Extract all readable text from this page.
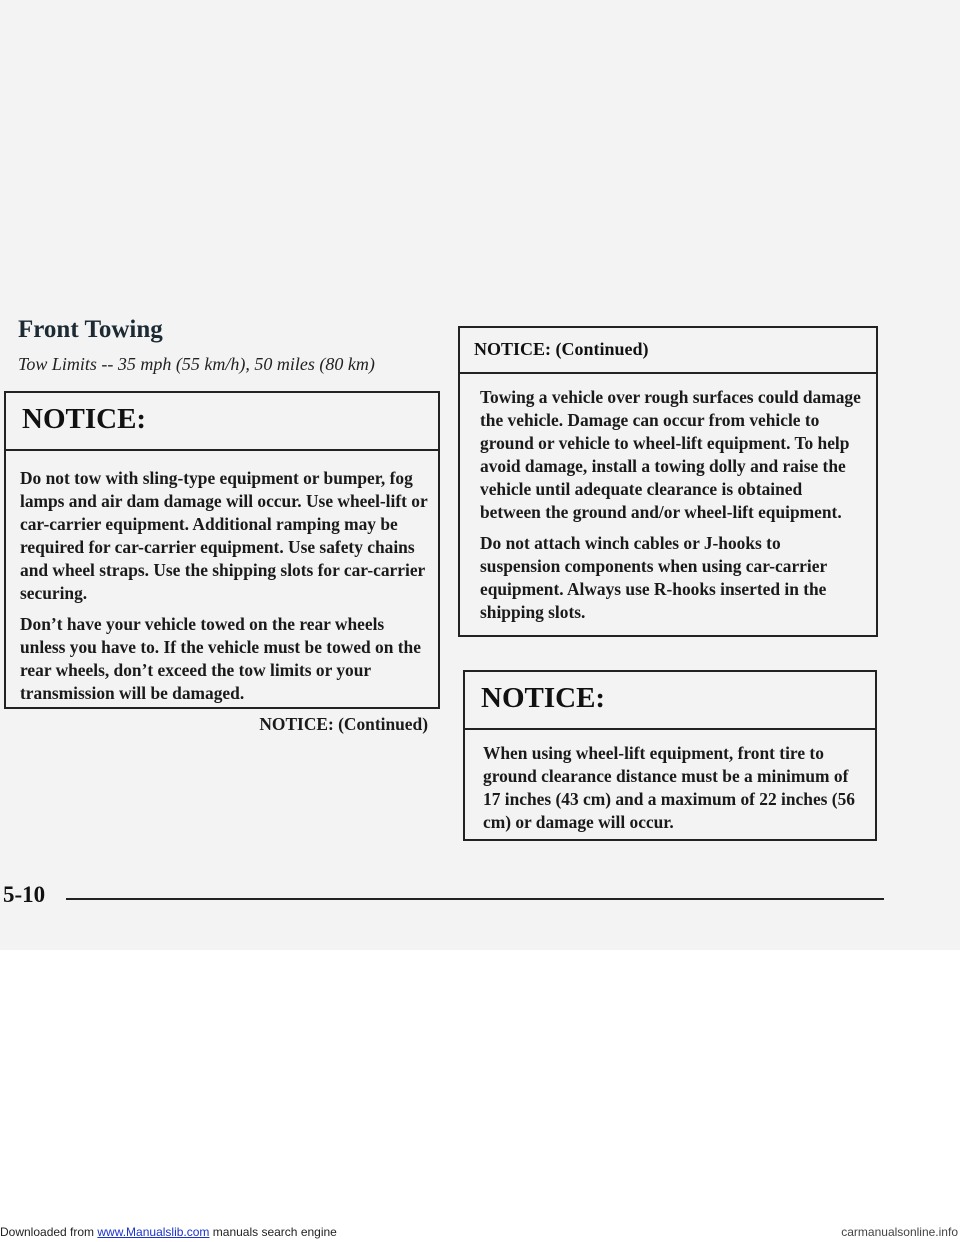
Front Towing
Tow Limits -- 35 mph (55 km/h), 50 miles (80 km)
NOTICE:

Do not tow with sling-type equipment or bumper, fog lamps and air dam damage will occur. Use wheel-lift or car-carrier equipment. Additional ramping may be required for car-carrier equipment. Use safety chains and wheel straps. Use the shipping slots for car-carrier securing.

Don’t have your vehicle towed on the rear wheels unless you have to. If the vehicle must be towed on the rear wheels, don’t exceed the tow limits or your transmission will be damaged.

NOTICE: (Continued)

NOTICE: (Continued)

Towing a vehicle over rough surfaces could damage the vehicle. Damage can occur from vehicle to ground or vehicle to wheel-lift equipment. To help avoid damage, install a towing dolly and raise the vehicle until adequate clearance is obtained between the ground and/or wheel-lift equipment.

Do not attach winch cables or J-hooks to suspension components when using car-carrier equipment. Always use R-hooks inserted in the shipping slots.

NOTICE:

When using wheel-lift equipment, front tire to ground clearance distance must be a minimum of 17 inches (43 cm) and a maximum of 22 inches (56 cm) or damage will occur.

5-10
Downloaded from www.Manualslib.com manuals search engine	carmanualsonline.info
